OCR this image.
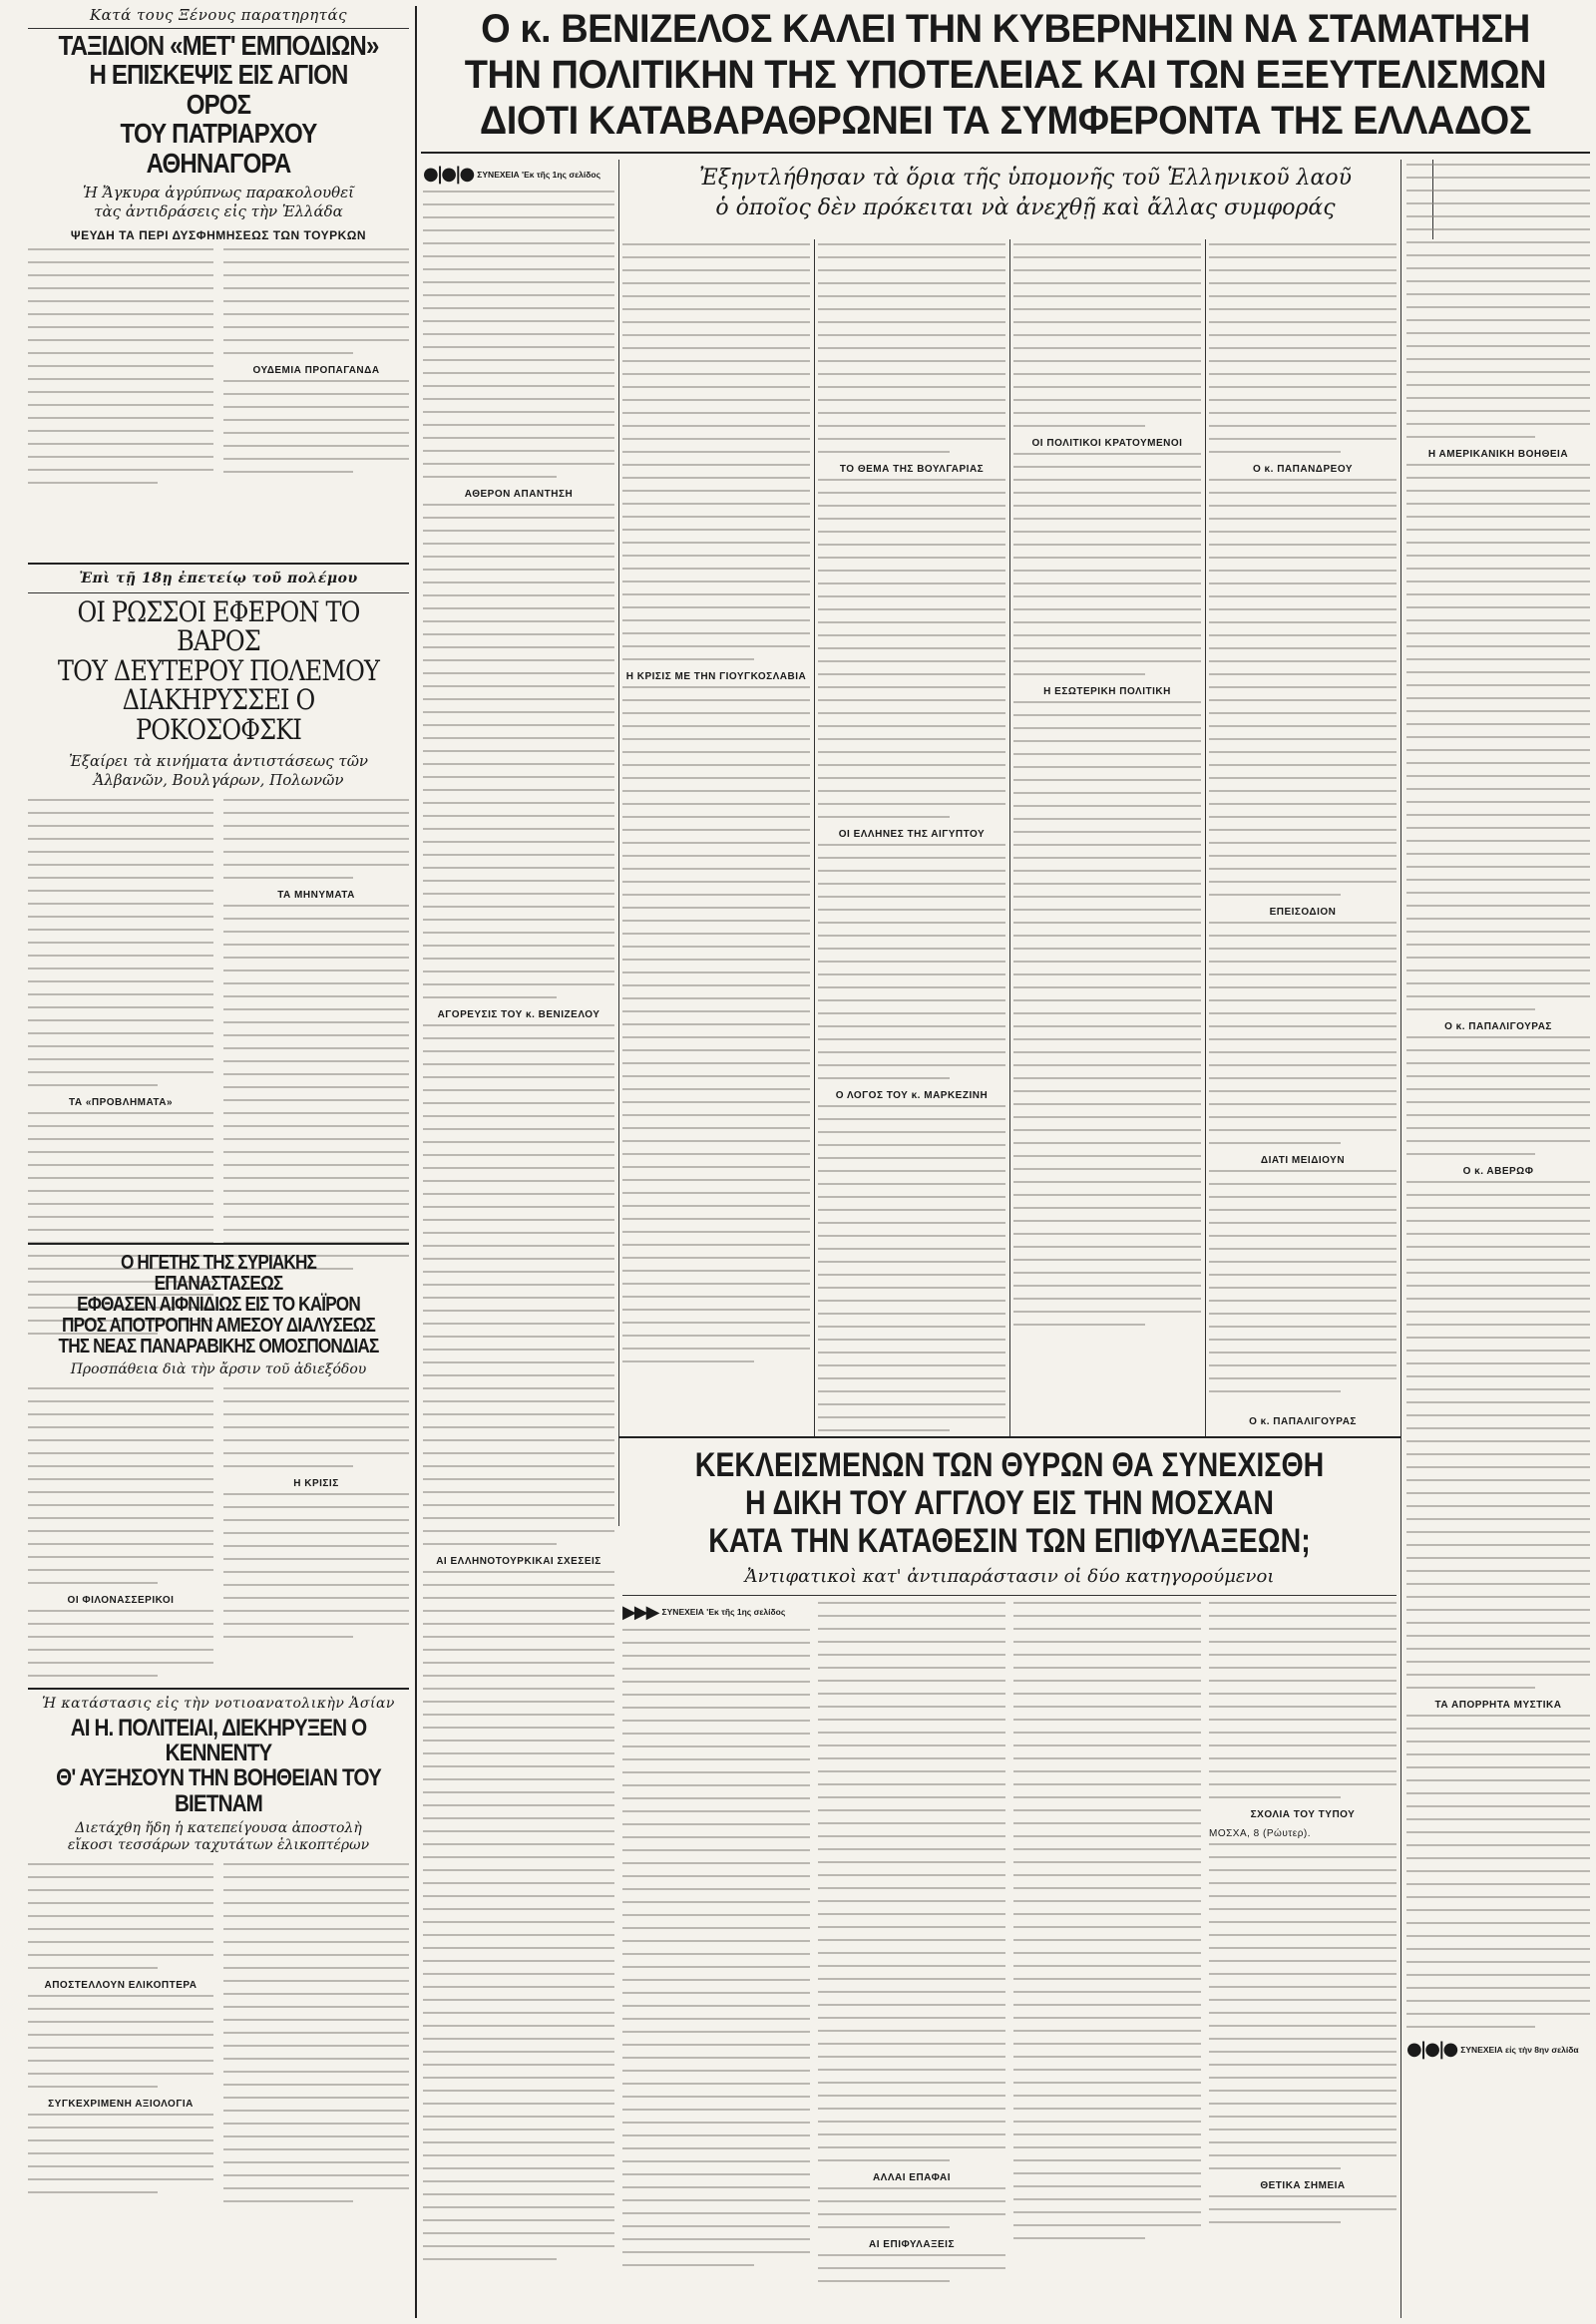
Κατά τους Ξένους παρατηρητάς
ΤΑΞΙΔΙΟΝ «ΜΕΤ' ΕΜΠΟΔΙΩΝ»
Η ΕΠΙΣΚΕΨΙΣ ΕΙΣ ΑΓΙΟΝ ΟΡΟΣ
ΤΟΥ ΠΑΤΡΙΑΡΧΟΥ ΑΘΗΝΑΓΟΡΑ
Ἡ Ἄγκυρα ἀγρύπνως παρακολουθεῖ
τὰς ἀντιδράσεις εἰς τὴν Ἑλλάδα
ΨΕΥΔΗ ΤΑ ΠΕΡΙ ΔΥΣΦΗΜΗΣΕΩΣ ΤΩΝ ΤΟΥΡΚΩΝ
ΟΥΔΕΜΙΑ ΠΡΟΠΑΓΑΝΔΑ
Ἐπὶ τῇ 18ῃ ἐπετείῳ τοῦ πολέμου
ΟΙ ΡΩΣΣΟΙ ΕΦΕΡΟΝ ΤΟ ΒΑΡΟΣ
ΤΟΥ ΔΕΥΤΕΡΟΥ ΠΟΛΕΜΟΥ
ΔΙΑΚΗΡΥΣΣΕΙ Ο ΡΟΚΟΣΟΦΣΚΙ
Ἐξαίρει τὰ κινήματα ἀντιστάσεως τῶν Ἀλβανῶν, Βουλγάρων, Πολωνῶν
ΤΑ «ΠΡΟΒΛΗΜΑΤΑ»
ΤΑ ΜΗΝΥΜΑΤΑ
Ο ΗΓΕΤΗΣ ΤΗΣ ΣΥΡΙΑΚΗΣ ΕΠΑΝΑΣΤΑΣΕΩΣ
ΕΦΘΑΣΕΝ ΑΙΦΝΙΔΙΩΣ ΕΙΣ ΤΟ ΚΑΪΡΟΝ
ΠΡΟΣ ΑΠΟΤΡΟΠΗΝ ΑΜΕΣΟΥ ΔΙΑΛΥΣΕΩΣ
ΤΗΣ ΝΕΑΣ ΠΑΝΑΡΑΒΙΚΗΣ ΟΜΟΣΠΟΝΔΙΑΣ
Προσπάθεια διὰ τὴν ἄρσιν τοῦ ἀδιεξόδου
ΟΙ ΦΙΛΟΝΑΣΣΕΡΙΚΟΙ
Η ΚΡΙΣΙΣ
Ἡ κατάστασις εἰς τὴν νοτιοανατολικὴν Ἀσίαν
ΑΙ Η. ΠΟΛΙΤΕΙΑΙ, ΔΙΕΚΗΡΥΞΕΝ Ο ΚΕΝΝΕΝΤΥ
Θ' ΑΥΞΗΣΟΥΝ ΤΗΝ ΒΟΗΘΕΙΑΝ ΤΟΥ ΒΙΕΤΝΑΜ
Διετάχθη ἤδη ἡ κατεπείγουσα ἀποστολὴ
εἴκοσι τεσσάρων ταχυτάτων ἑλικοπτέρων
ΑΠΟΣΤΕΛΛΟΥΝ ΕΛΙΚΟΠΤΕΡΑ
ΣΥΓΚΕΧΡΙΜΕΝΗ ΑΞΙΟΛΟΓΙΑ
Ο κ. ΒΕΝΙΖΕΛΟΣ ΚΑΛΕΙ ΤΗΝ ΚΥΒΕΡΝΗΣΙΝ ΝΑ ΣΤΑΜΑΤΗΣΗ
ΤΗΝ ΠΟΛΙΤΙΚΗΝ ΤΗΣ ΥΠΟΤΕΛΕΙΑΣ ΚΑΙ ΤΩΝ ΕΞΕΥΤΕΛΙΣΜΩΝ
ΔΙΟΤΙ ΚΑΤΑΒΑΡΑΘΡΩΝΕΙ ΤΑ ΣΥΜΦΕΡΟΝΤΑ ΤΗΣ ΕΛΛΑΔΟΣ
Ἐξηντλήθησαν τὰ ὅρια τῆς ὑπομονῆς τοῦ Ἑλληνικοῦ λαοῦ
ὁ ὁποῖος δὲν πρόκειται νὰ ἀνεχθῇ καὶ ἄλλας συμφοράς
●|●|● ΣΥΝΕΧΕΙΑ 'Εκ τῆς 1ης σελίδος
ΑΘΕΡΟΝ ΑΠΑΝΤΗΣΗ
ΑΓΟΡΕΥΣΙΣ ΤΟΥ κ. ΒΕΝΙΖΕΛΟΥ
ΑΙ ΕΛΛΗΝΟΤΟΥΡΚΙΚΑΙ ΣΧΕΣΕΙΣ
Η ΚΡΙΣΙΣ ΜΕ ΤΗΝ ΓΙΟΥΓΚΟΣΛΑΒΙΑ
ΤΟ ΘΕΜΑ ΤΗΣ ΒΟΥΛΓΑΡΙΑΣ
ΟΙ ΕΛΛΗΝΕΣ ΤΗΣ ΑΙΓΥΠΤΟΥ
Ο ΛΟΓΟΣ ΤΟΥ κ. ΜΑΡΚΕΖΙΝΗ
ΟΙ ΠΟΛΙΤΙΚΟΙ ΚΡΑΤΟΥΜΕΝΟΙ
Η ΕΣΩΤΕΡΙΚΗ ΠΟΛΙΤΙΚΗ
Ο κ. ΠΑΠΑΝΔΡΕΟΥ
ΕΠΕΙΣΟΔΙΟΝ
ΔΙΑΤΙ ΜΕΙΔΙΟΥΝ
Η ΑΜΕΡΙΚΑΝΙΚΗ ΒΟΗΘΕΙΑ
Ο κ. ΠΑΠΑΛΙΓΟΥΡΑΣ
Ο κ. ΑΒΕΡΩΦ
ΤΑ ΑΠΟΡΡΗΤΑ ΜΥΣΤΙΚΑ
●|●|● ΣΥΝΕΧΕΙΑ εἰς τὴν 8ην σελίδα
ΚΕΚΛΕΙΣΜΕΝΩΝ ΤΩΝ ΘΥΡΩΝ ΘΑ ΣΥΝΕΧΙΣΘΗ
Η ΔΙΚΗ ΤΟΥ ΑΓΓΛΟΥ ΕΙΣ ΤΗΝ ΜΟΣΧΑΝ
ΚΑΤΑ ΤΗΝ ΚΑΤΑΘΕΣΙΝ ΤΩΝ ΕΠΙΦΥΛΑΞΕΩΝ;
Ἀντιφατικοὶ κατ' ἀντιπαράστασιν οἱ δύο κατηγορούμενοι
▶▶▶ ΣΥΝΕΧΕΙΑ 'Εκ τῆς 1ης σελίδος
ΑΛΛΑΙ ΕΠΑΦΑΙ
ΑΙ ΕΠΙΦΥΛΑΞΕΙΣ
ΣΧΟΛΙΑ ΤΟΥ ΤΥΠΟΥ
ΜΟΣΧΑ, 8 (Ρώυτερ).
ΘΕΤΙΚΑ ΣΗΜΕΙΑ
Ο κ. ΠΑΠΑΛΙΓΟΥΡΑΣ
